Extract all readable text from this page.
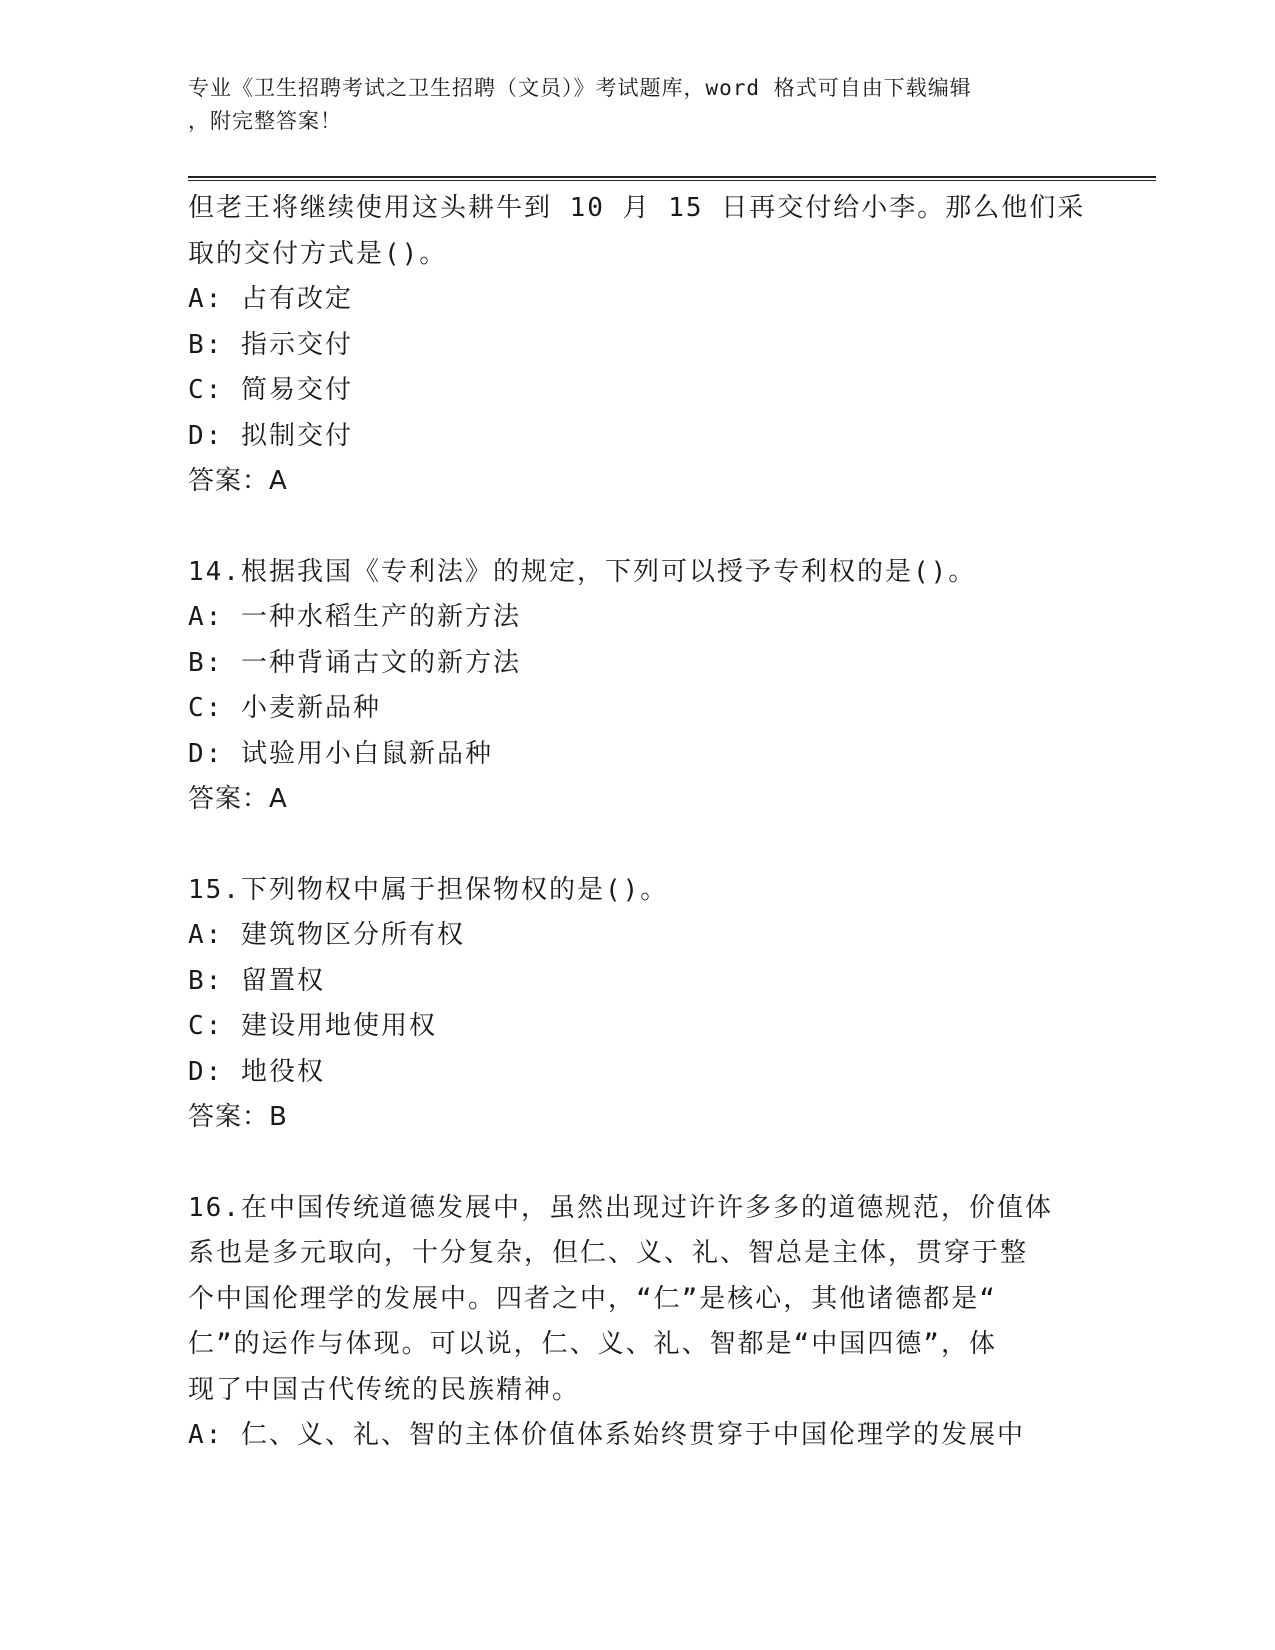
专业《卫生招聘考试之卫生招聘（文员）》考试题库，word 格式可自由下载编辑
，附完整答案！
但老王将继续使用这头耕牛到 10 月 15 日再交付给小李。那么他们采
取的交付方式是()。
A: 占有改定
B: 指示交付
C: 简易交付
D: 拟制交付
答案：A
14.根据我国《专利法》的规定，下列可以授予专利权的是()。
A: 一种水稻生产的新方法
B: 一种背诵古文的新方法
C: 小麦新品种
D: 试验用小白鼠新品种
答案：A
15.下列物权中属于担保物权的是()。
A: 建筑物区分所有权
B: 留置权
C: 建设用地使用权
D: 地役权
答案：B
16.在中国传统道德发展中，虽然出现过许许多多的道德规范，价值体
系也是多元取向，十分复杂，但仁、义、礼、智总是主体，贯穿于整
个中国伦理学的发展中。四者之中，“仁”是核心，其他诸德都是“
仁”的运作与体现。可以说，仁、义、礼、智都是“中国四德”，体
现了中国古代传统的民族精神。
A: 仁、义、礼、智的主体价值体系始终贯穿于中国伦理学的发展中
